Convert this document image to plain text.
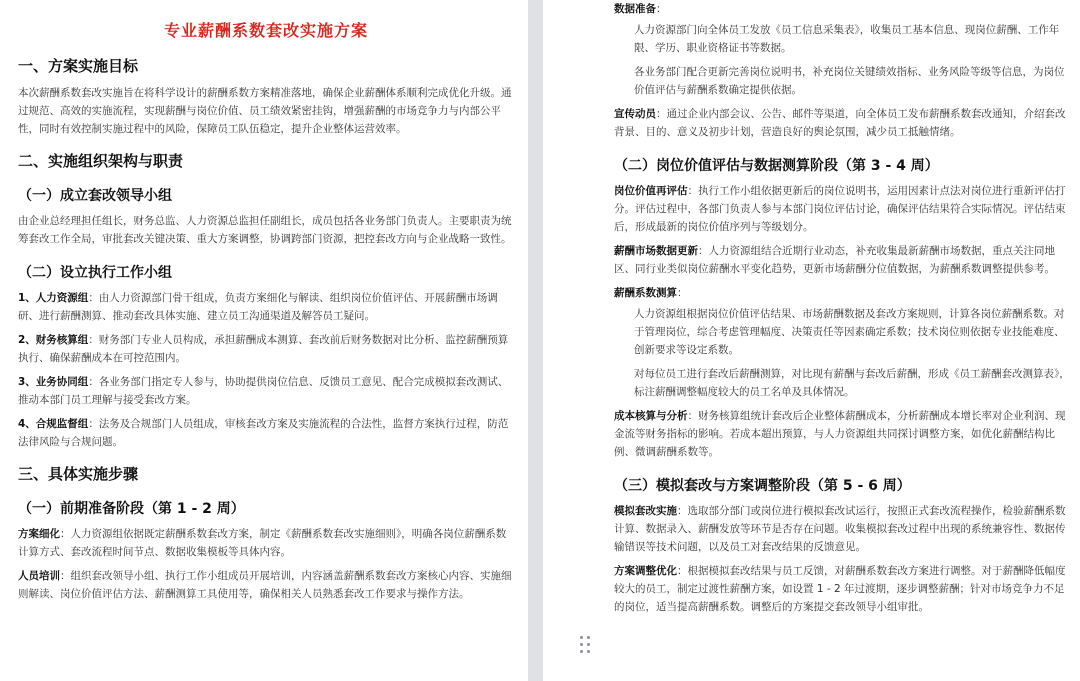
专业薪酬系数套改实施方案
一、方案实施目标

本次薪酬系数套改实施旨在将科学设计的薪酬系数方案精准落地，确保企业薪酬体系顺利完成优化升级。通过规范、高效的实施流程，实现薪酬与岗位价值、员工绩效紧密挂钩，增强薪酬的市场竞争力与内部公平性，同时有效控制实施过程中的风险，保障员工队伍稳定，提升企业整体运营效率。

二、实施组织架构与职责
（一）成立套改领导小组

由企业总经理担任组长，财务总监、人力资源总监担任副组长，成员包括各业务部门负责人。主要职责为统筹套改工作全局，审批套改关键决策、重大方案调整，协调跨部门资源，把控套改方向与企业战略一致性。

（二）设立执行工作小组

1、人力资源组：由人力资源部门骨干组成，负责方案细化与解读、组织岗位价值评估、开展薪酬市场调研、进行薪酬测算、推动套改具体实施、建立员工沟通渠道及解答员工疑问。

2、财务核算组：财务部门专业人员构成，承担薪酬成本测算、套改前后财务数据对比分析、监控薪酬预算执行、确保薪酬成本在可控范围内。

3、业务协同组：各业务部门指定专人参与，协助提供岗位信息、反馈员工意见、配合完成模拟套改测试、推动本部门员工理解与接受套改方案。

4、合规监督组：法务及合规部门人员组成，审核套改方案及实施流程的合法性，监督方案执行过程，防范法律风险与合规问题。

三、具体实施步骤
（一）前期准备阶段（第 1 - 2 周）

方案细化：人力资源组依据既定薪酬系数套改方案，制定《薪酬系数套改实施细则》，明确各岗位薪酬系数计算方式、套改流程时间节点、数据收集模板等具体内容。

人员培训：组织套改领导小组、执行工作小组成员开展培训，内容涵盖薪酬系数套改方案核心内容、实施细则解读、岗位价值评估方法、薪酬测算工具使用等，确保相关人员熟悉套改工作要求与操作方法。

数据准备：

人力资源部门向全体员工发放《员工信息采集表》，收集员工基本信息、现岗位薪酬、工作年限、学历、职业资格证书等数据。

各业务部门配合更新完善岗位说明书，补充岗位关键绩效指标、业务风险等级等信息，为岗位价值评估与薪酬系数确定提供依据。

宣传动员：通过企业内部会议、公告、邮件等渠道，向全体员工发布薪酬系数套改通知，介绍套改背景、目的、意义及初步计划，营造良好的舆论氛围，减少员工抵触情绪。

（二）岗位价值评估与数据测算阶段（第 3 - 4 周）

岗位价值再评估：执行工作小组依据更新后的岗位说明书，运用因素计点法对岗位进行重新评估打分。评估过程中，各部门负责人参与本部门岗位评估讨论，确保评估结果符合实际情况。评估结束后，形成最新的岗位价值序列与等级划分。

薪酬市场数据更新：人力资源组结合近期行业动态，补充收集最新薪酬市场数据，重点关注同地区、同行业类似岗位薪酬水平变化趋势，更新市场薪酬分位值数据，为薪酬系数调整提供参考。

薪酬系数测算：

人力资源组根据岗位价值评估结果、市场薪酬数据及套改方案规则，计算各岗位薪酬系数。对于管理岗位，综合考虑管理幅度、决策责任等因素确定系数；技术岗位则依据专业技能难度、创新要求等设定系数。

对每位员工进行套改后薪酬测算，对比现有薪酬与套改后薪酬，形成《员工薪酬套改测算表》，标注薪酬调整幅度较大的员工名单及具体情况。

成本核算与分析：财务核算组统计套改后企业整体薪酬成本，分析薪酬成本增长率对企业利润、现金流等财务指标的影响。若成本超出预算，与人力资源组共同探讨调整方案，如优化薪酬结构比例、微调薪酬系数等。

（三）模拟套改与方案调整阶段（第 5 - 6 周）

模拟套改实施：选取部分部门或岗位进行模拟套改试运行，按照正式套改流程操作，检验薪酬系数计算、数据录入、薪酬发放等环节是否存在问题。收集模拟套改过程中出现的系统兼容性、数据传输错误等技术问题，以及员工对套改结果的反馈意见。

方案调整优化：根据模拟套改结果与员工反馈，对薪酬系数套改方案进行调整。对于薪酬降低幅度较大的员工，制定过渡性薪酬方案，如设置 1 - 2 年过渡期，逐步调整薪酬；针对市场竞争力不足的岗位，适当提高薪酬系数。调整后的方案提交套改领导小组审批。
